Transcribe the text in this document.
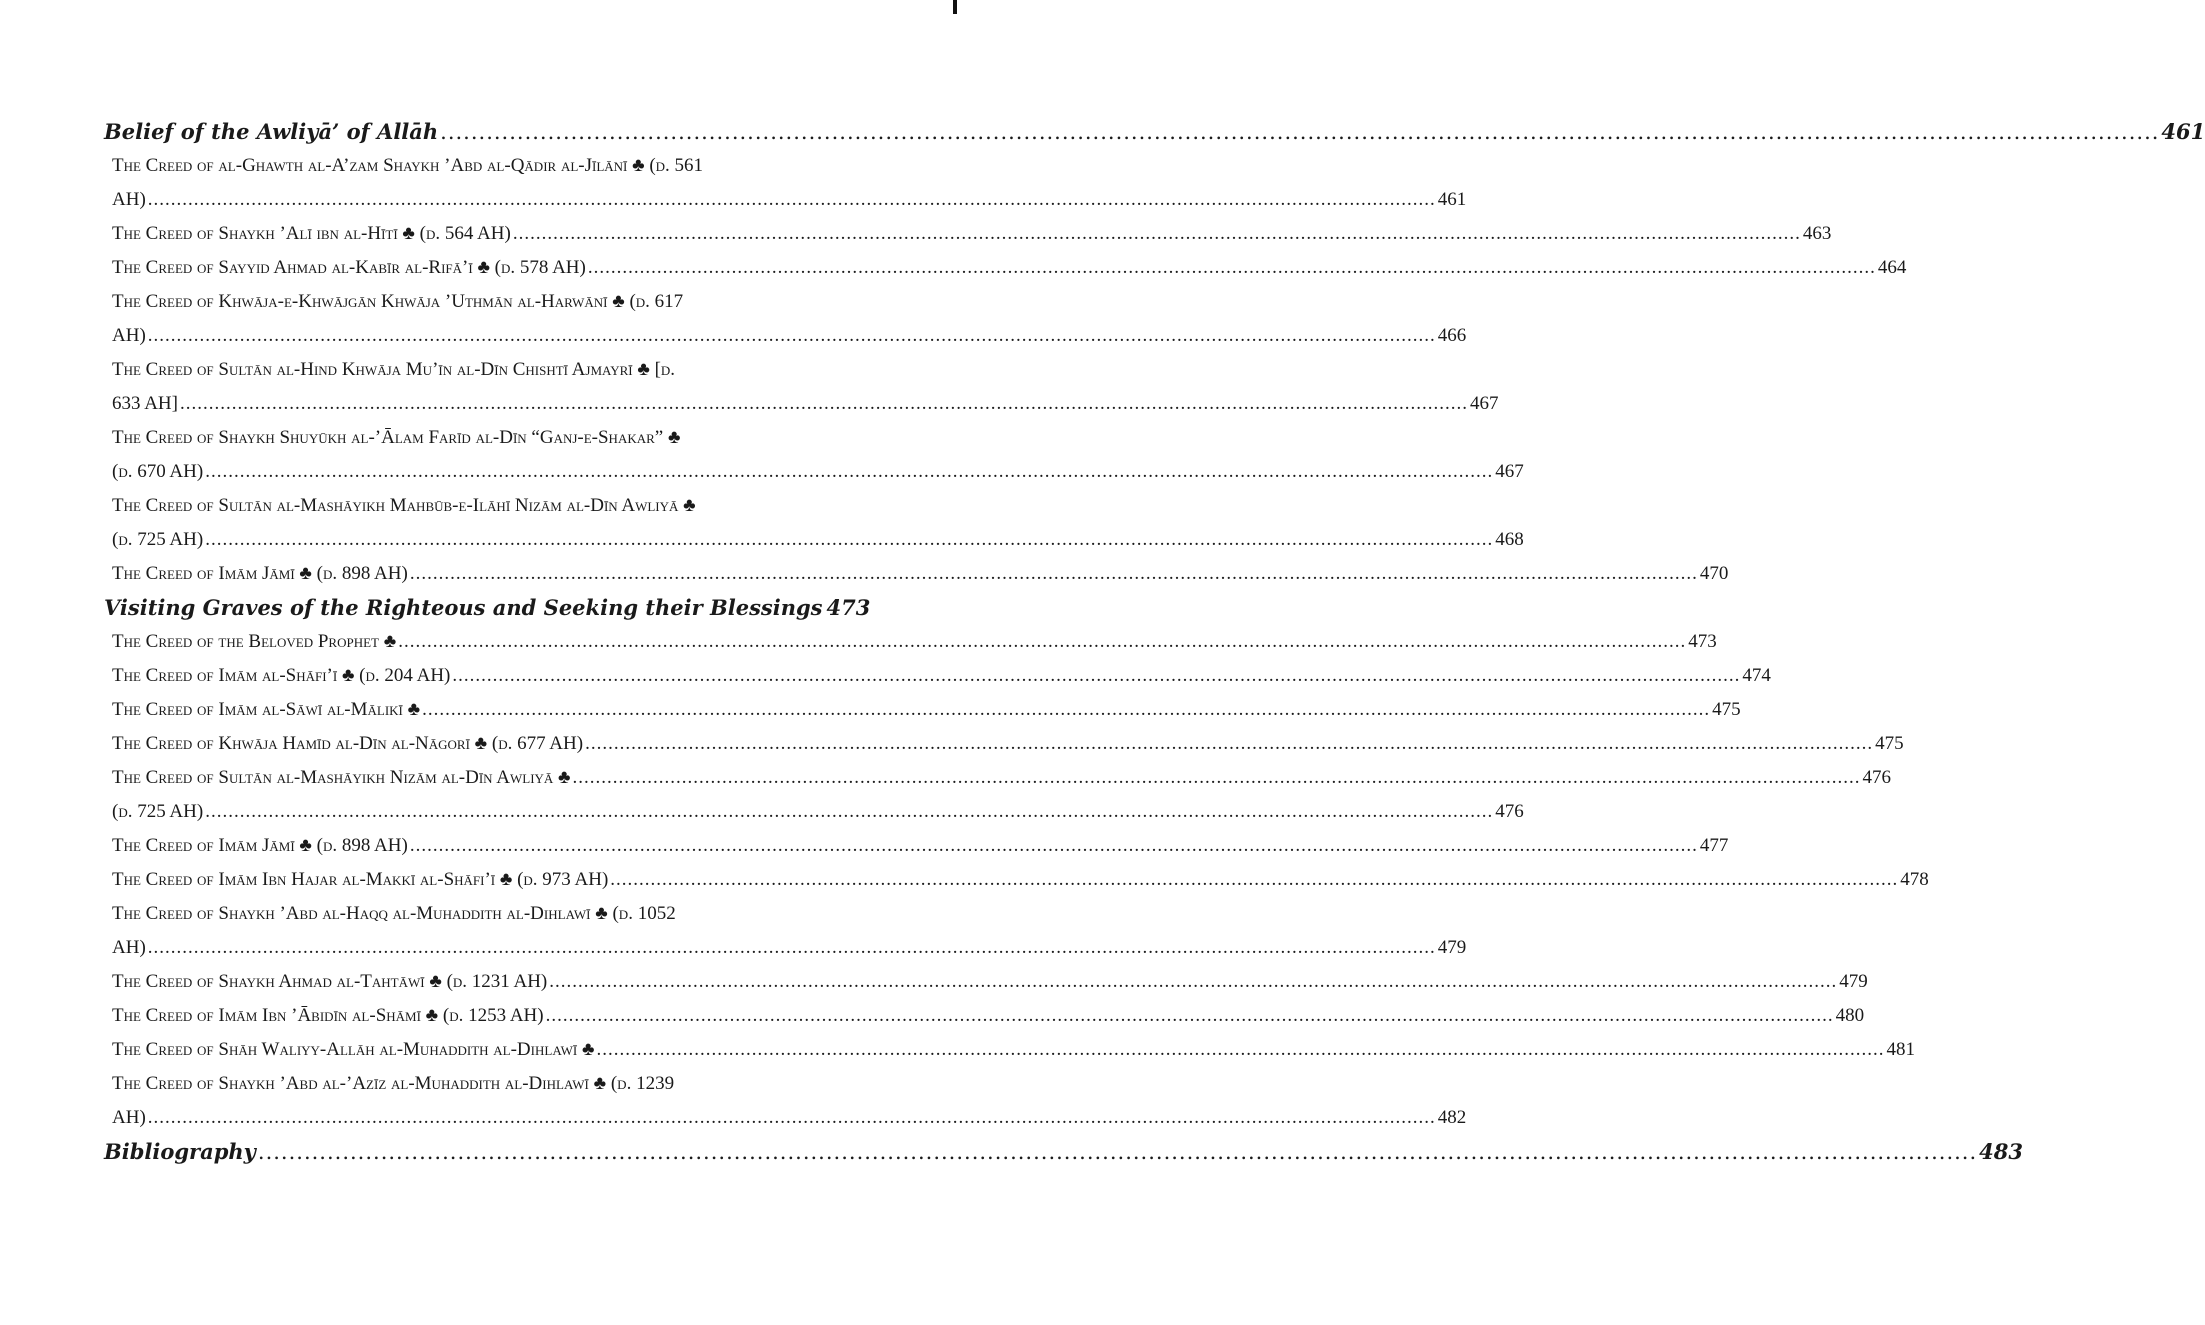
Belief of the Awliyā’ of Allāh .....	461
The Creed of al-Ghawth al-A’zam Shaykh ’Abd al-Qādir al-Jīlānī ♣ (d. 561
AH) .....	461
The Creed of Shaykh ’Alī ibn al-Hītī ♣ (d. 564 AH) .....	463
The Creed of Sayyid Ahmad al-Kabīr al-Rifā’ī ♣ (d. 578 AH) .....	464
The Creed of Khwāja-e-Khwājgān Khwāja ’Uthmān al-Harwānī ♣ (d. 617
AH) .....	466
The Creed of Sultān al-Hind Khwāja Mu’īn al-Dīn Chishtī Ajmayrī ♣ [d.
633 AH] .....	467
The Creed of Shaykh Shuyūkh al-’Ālam Farīd al-Dīn “Ganj-e-Shakar” ♣
(d. 670 AH) .....	467
The Creed of Sultān al-Mashāyikh Mahbūb-e-Ilāhī Nizām al-Dīn Awliyā ♣
(d. 725 AH) .....	468
The Creed of Imām Jāmī ♣ (d. 898 AH) .....	470
Visiting Graves of the Righteous and Seeking their Blessings 473
The Creed of the Beloved Prophet ♣ .....	473
The Creed of Imām al-Shāfi’ī ♣ (d. 204 AH) .....	474
The Creed of Imām al-Sāwī al-Mālikī ♣ .....	475
The Creed of Khwāja Hamīd al-Dīn al-Nāgorī ♣ (d. 677 AH) .....	475
The Creed of Sultān al-Mashāyikh Nizām al-Dīn Awliyā ♣ .....	476
(d. 725 AH) .....	476
The Creed of Imām Jāmī ♣ (d. 898 AH) .....	477
The Creed of Imām Ibn Hajar al-Makkī al-Shāfi’ī ♣ (d. 973 AH) .....	478
The Creed of Shaykh ’Abd al-Haqq al-Muhaddith al-Dihlawī ♣ (d. 1052
AH) .....	479
The Creed of Shaykh Ahmad al-Tahtāwī ♣ (d. 1231 AH) .....	479
The Creed of Imām Ibn ’Ābidīn al-Shāmī ♣ (d. 1253 AH) .....	480
The Creed of Shāh Waliyy-Allāh al-Muhaddith al-Dihlawī ♣ .....	481
The Creed of Shaykh ’Abd al-’Azīz al-Muhaddith al-Dihlawī ♣ (d. 1239
AH) .....	482
Bibliography .....	483
